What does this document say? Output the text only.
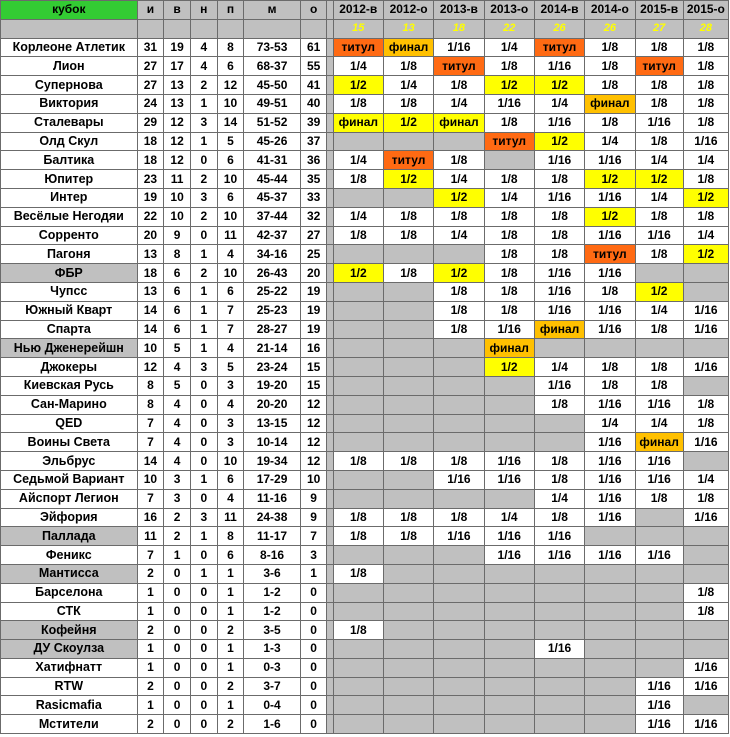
кубок	и	в	н	п	м	о		2012-в	2012-о	2013-в	2013-о	2014-в	2014-о	2015-в	2015-о
								15	13	18	22	26	26	27	28
Корлеоне Атлетик	31	19	4	8	73-53	61		титул	финал	1/16	1/4	титул	1/8	1/8	1/8
Лион	27	17	4	6	68-37	55		1/4	1/8	титул	1/8	1/16	1/8	титул	1/8
Супернова	27	13	2	12	45-50	41		1/2	1/4	1/8	1/2	1/2	1/8	1/8	1/8
Виктория	24	13	1	10	49-51	40		1/8	1/8	1/4	1/16	1/4	финал	1/8	1/8
Сталевары	29	12	3	14	51-52	39		финал	1/2	финал	1/8	1/16	1/8	1/16	1/8
Олд Скул	18	12	1	5	45-26	37					титул	1/2	1/4	1/8	1/16
Балтика	18	12	0	6	41-31	36		1/4	титул	1/8		1/16	1/16	1/4	1/4
Юпитер	23	11	2	10	45-44	35		1/8	1/2	1/4	1/8	1/8	1/2	1/2	1/8
Интер	19	10	3	6	45-37	33				1/2	1/4	1/16	1/16	1/4	1/2
Весёлые Негодяи	22	10	2	10	37-44	32		1/4	1/8	1/8	1/8	1/8	1/2	1/8	1/8
Сорренто	20	9	0	11	42-37	27		1/8	1/8	1/4	1/8	1/8	1/16	1/16	1/4
Пагоня	13	8	1	4	34-16	25					1/8	1/8	титул	1/8	1/2
ФБР	18	6	2	10	26-43	20		1/2	1/8	1/2	1/8	1/16	1/16		
Чупсс	13	6	1	6	25-22	19				1/8	1/8	1/16	1/8	1/2	
Южный Кварт	14	6	1	7	25-23	19				1/8	1/8	1/16	1/16	1/4	1/16
Спарта	14	6	1	7	28-27	19				1/8	1/16	финал	1/16	1/8	1/16
Нью Дженерейшн	10	5	1	4	21-14	16					финал				
Джокеры	12	4	3	5	23-24	15					1/2	1/4	1/8	1/8	1/16
Киевская Русь	8	5	0	3	19-20	15						1/16	1/8	1/8	
Сан-Марино	8	4	0	4	20-20	12						1/8	1/16	1/16	1/8
QED	7	4	0	3	13-15	12							1/4	1/4	1/8
Воины Света	7	4	0	3	10-14	12							1/16	финал	1/16
Эльбрус	14	4	0	10	19-34	12		1/8	1/8	1/8	1/16	1/8	1/16	1/16	
Седьмой Вариант	10	3	1	6	17-29	10				1/16	1/16	1/8	1/16	1/16	1/4
Айспорт Легион	7	3	0	4	11-16	9						1/4	1/16	1/8	1/8
Эйфория	16	2	3	11	24-38	9		1/8	1/8	1/8	1/4	1/8	1/16		1/16
Паллада	11	2	1	8	11-17	7		1/8	1/8	1/16	1/16	1/16			
Феникс	7	1	0	6	8-16	3					1/16	1/16	1/16	1/16	
Мантисса	2	0	1	1	3-6	1		1/8							
Барселона	1	0	0	1	1-2	0									1/8
СТК	1	0	0	1	1-2	0									1/8
Кофейня	2	0	0	2	3-5	0		1/8							
ДУ Скоулза	1	0	0	1	1-3	0						1/16			
Хатифнатт	1	0	0	1	0-3	0									1/16
RTW	2	0	0	2	3-7	0								1/16	1/16
Rasicmafia	1	0	0	1	0-4	0								1/16	
Мстители	2	0	0	2	1-6	0								1/16	1/16
